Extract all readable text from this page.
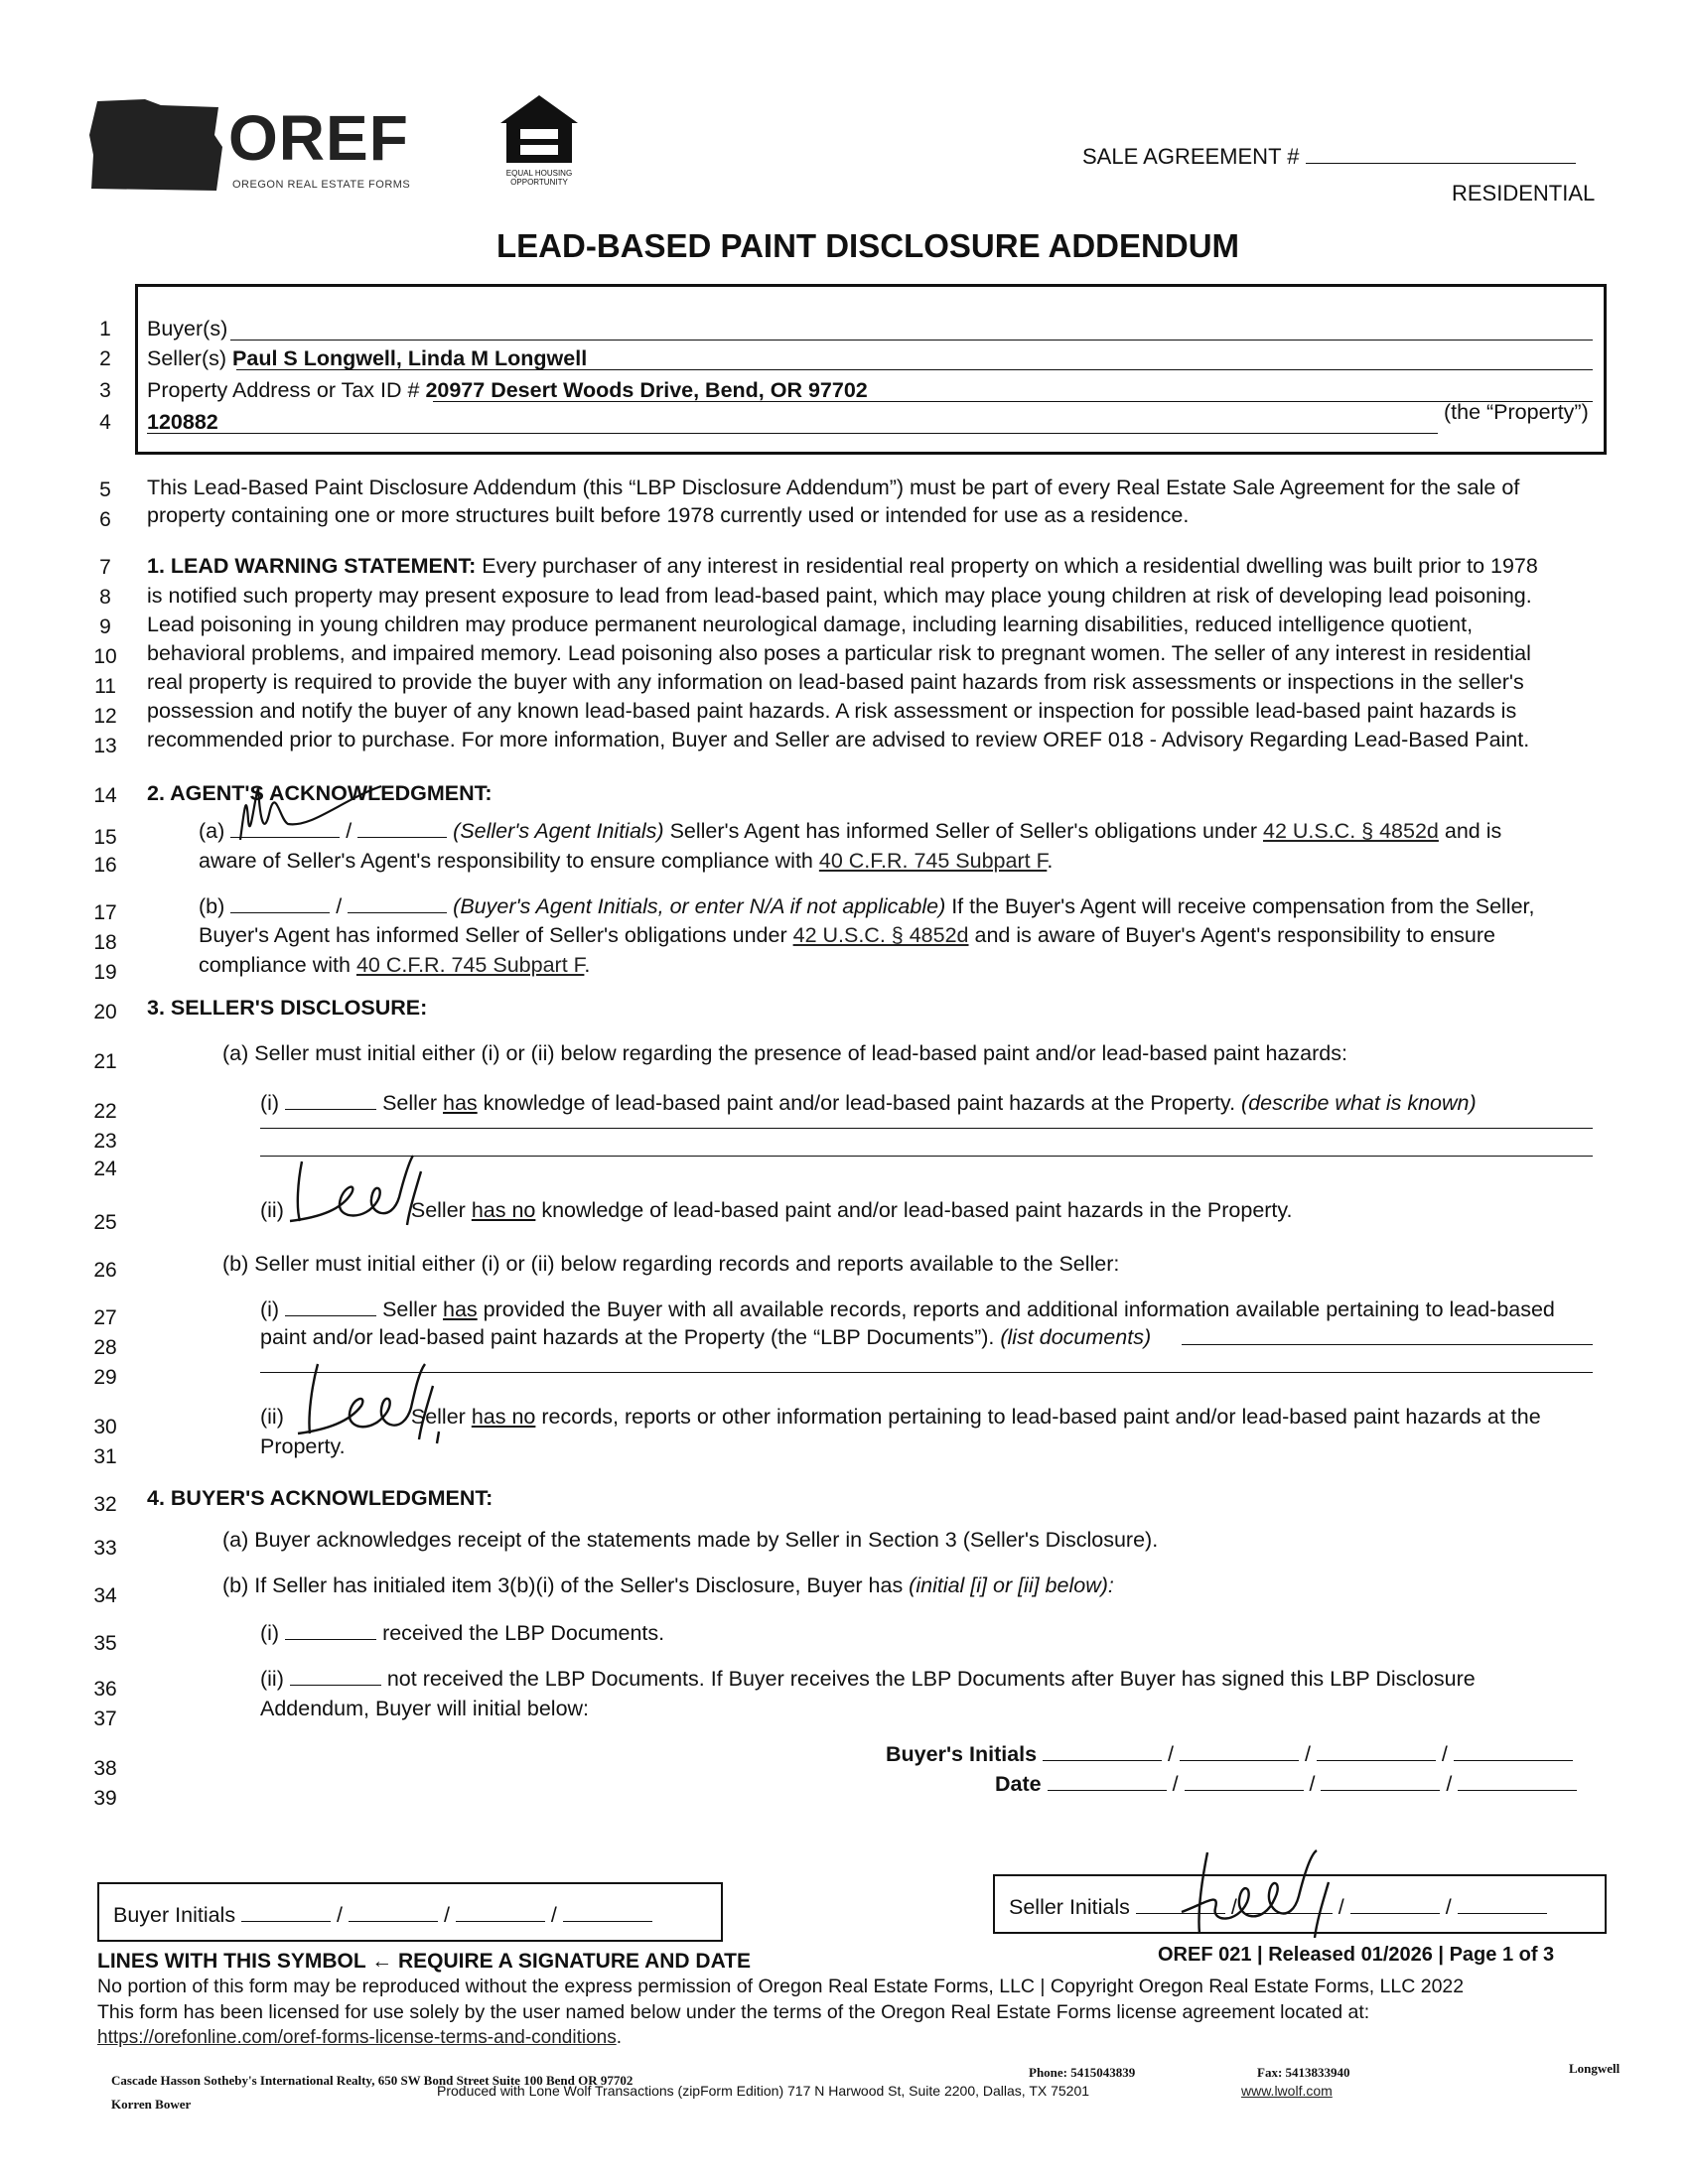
OREF
OREGON REAL ESTATE FORMS
EQUAL HOUSING OPPORTUNITY
SALE AGREEMENT #
RESIDENTIAL
LEAD-BASED PAINT DISCLOSURE ADDENDUM
1	Buyer(s)
2	Seller(s) Paul S Longwell, Linda M Longwell
3	Property Address or Tax ID # 20977 Desert Woods Drive, Bend, OR 97702
4	120882	(the “Property”)
5	This Lead-Based Paint Disclosure Addendum (this “LBP Disclosure Addendum”) must be part of every Real Estate Sale Agreement for the sale of
6	property containing one or more structures built before 1978 currently used or intended for use as a residence.
7	1. LEAD WARNING STATEMENT: Every purchaser of any interest in residential real property on which a residential dwelling was built prior to 1978
8	is notified such property may present exposure to lead from lead-based paint, which may place young children at risk of developing lead poisoning.
9	Lead poisoning in young children may produce permanent neurological damage, including learning disabilities, reduced intelligence quotient,
10 behavioral problems, and impaired memory. Lead poisoning also poses a particular risk to pregnant women. The seller of any interest in residential
11 real property is required to provide the buyer with any information on lead-based paint hazards from risk assessments or inspections in the seller's
12 possession and notify the buyer of any known lead-based paint hazards. A risk assessment or inspection for possible lead-based paint hazards is
13 recommended prior to purchase. For more information, Buyer and Seller are advised to review OREF 018 - Advisory Regarding Lead-Based Paint.
14 2. AGENT'S ACKNOWLEDGMENT:
15	(a)	/	(Seller's Agent Initials) Seller's Agent has informed Seller of Seller's obligations under 42 U.S.C. § 4852d and is
16	aware of Seller's Agent's responsibility to ensure compliance with 40 C.F.R. 745 Subpart F.
17	(b)	/	(Buyer's Agent Initials, or enter N/A if not applicable) If the Buyer's Agent will receive compensation from the Seller,
18	Buyer's Agent has informed Seller of Seller's obligations under 42 U.S.C. § 4852d and is aware of Buyer's Agent's responsibility to ensure
19	compliance with 40 C.F.R. 745 Subpart F.
20 3. SELLER'S DISCLOSURE:
21	(a) Seller must initial either (i) or (ii) below regarding the presence of lead-based paint and/or lead-based paint hazards:
22	(i)	Seller has knowledge of lead-based paint and/or lead-based paint hazards at the Property. (describe what is known)
23
24
25
(ii)	Seller has no knowledge of lead-based paint and/or lead-based paint hazards in the Property.
26	(b) Seller must initial either (i) or (ii) below regarding records and reports available to the Seller:
27	(i)	Seller has provided the Buyer with all available records, reports and additional information available pertaining to lead-based
28	paint and/or lead-based paint hazards at the Property (the “LBP Documents”). (list documents)
29
30	(ii)	Seller has no records, reports or other information pertaining to lead-based paint and/or lead-based paint hazards at the
31	Property.
32 4. BUYER'S ACKNOWLEDGMENT:
33	(a) Buyer acknowledges receipt of the statements made by Seller in Section 3 (Seller's Disclosure).
34	(b) If Seller has initialed item 3(b)(i) of the Seller's Disclosure, Buyer has (initial [i] or [ii] below):
35	(i)	received the LBP Documents.
36	(ii)	not received the LBP Documents. If Buyer receives the LBP Documents after Buyer has signed this LBP Disclosure
37	Addendum, Buyer will initial below:
38
Buyer's Initials	/	/	/
39
Date	/	/	/
Buyer Initials	/	/	/	Seller Initials	/	/	/
LINES WITH THIS SYMBOL ← REQUIRE A SIGNATURE AND DATE	OREF 021 | Released 01/2026 | Page 1 of 3
No portion of this form may be reproduced without the express permission of Oregon Real Estate Forms, LLC | Copyright Oregon Real Estate Forms, LLC 2022
This form has been licensed for use solely by the user named below under the terms of the Oregon Real Estate Forms license agreement located at:
https://orefonline.com/oref-forms-license-terms-and-conditions.
Cascade Hasson Sotheby's International Realty, 650 SW Bond Street Suite 100 Bend OR 97702
Korren Bower
Phone: 5415043839	Fax: 5413833940	Longwell
Produced with Lone Wolf Transactions (zipForm Edition) 717 N Harwood St, Suite 2200, Dallas, TX 75201	www.lwolf.com
